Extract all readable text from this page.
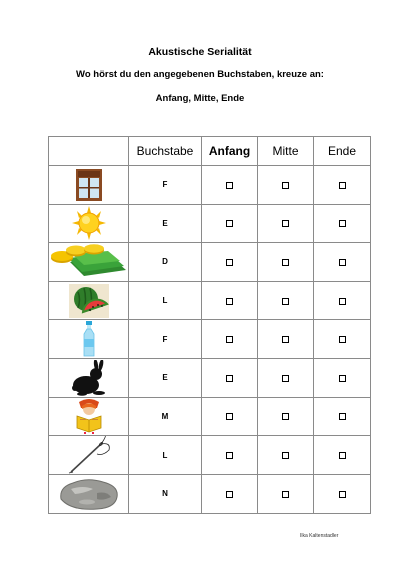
Akustische Serialität
Wo hörst du den angegebenen Buchstaben, kreuze an:
Anfang, Mitte, Ende
	Buchstabe	Anfang	Mitte	Ende

	F			

	E			

	D			

	L			

	F			

	E			

	M			

	L			

	N			
Ilka Kaltenstadler
